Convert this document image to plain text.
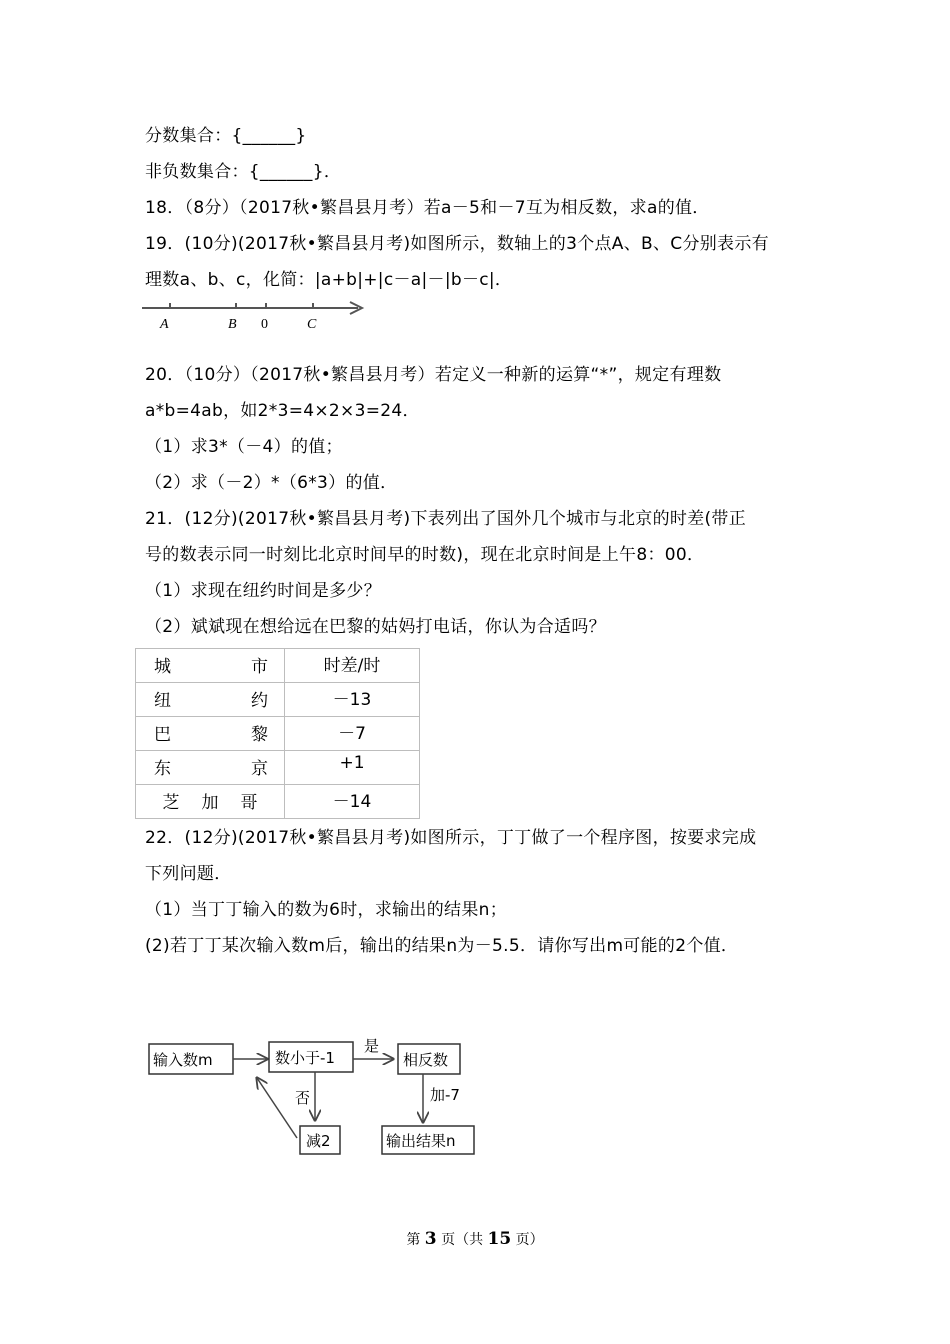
分数集合：{______}
非负数集合：{______}．
18．（8分）（2017秋•繁昌县月考）若a－5和－7互为相反数，求a的值．
19．(10分)(2017秋•繁昌县月考)如图所示，数轴上的3个点A、B、C分别表示有
理数a、b、c，化简：|a+b|+|c－a|－|b－c|．
A	B 0	C
20．（10分）（2017秋•繁昌县月考）若定义一种新的运算“*”，规定有理数
a*b=4ab，如2*3=4×2×3=24．
（1）求3*（－4）的值；
（2）求（－2）*（6*3）的值．
21．(12分)(2017秋•繁昌县月考)下表列出了国外几个城市与北京的时差(带正
号的数表示同一时刻比北京时间早的时数)，现在北京时间是上午8：00．
（1）求现在纽约时间是多少？
（2）斌斌现在想给远在巴黎的姑妈打电话，你认为合适吗？
城 市	时差/时

纽 约	－13

巴 黎	－7

东 京	+1

芝 加 哥	－14
22．(12分)(2017秋•繁昌县月考)如图所示，丁丁做了一个程序图，按要求完成
下列问题．
（1）当丁丁输入的数为6时，求输出的结果n；
(2)若丁丁某次输入数m后，输出的结果n为－5.5．请你写出m可能的2个值．
输入数m	数小于-1
是
相反数
否
减2
加-7
输出结果n
第 3 页（共 15 页）
